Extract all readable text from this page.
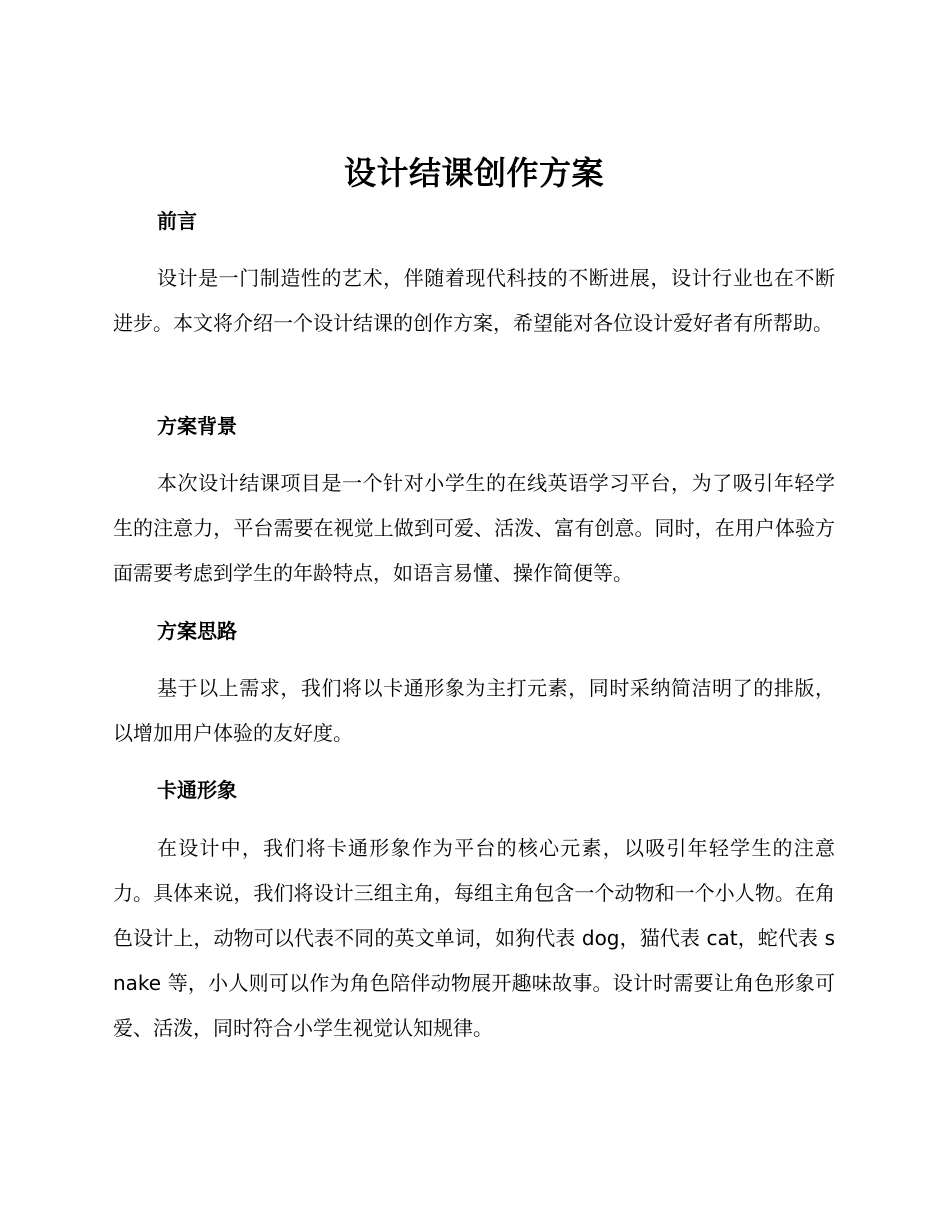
设计结课创作方案
前言

设计是一门制造性的艺术，伴随着现代科技的不断进展，设计行业也在不断进步。本文将介绍一个设计结课的创作方案，希望能对各位设计爱好者有所帮助。

方案背景

本次设计结课项目是一个针对小学生的在线英语学习平台，为了吸引年轻学生的注意力，平台需要在视觉上做到可爱、活泼、富有创意。同时，在用户体验方面需要考虑到学生的年龄特点，如语言易懂、操作简便等。

方案思路

基于以上需求，我们将以卡通形象为主打元素，同时采纳简洁明了的排版，以增加用户体验的友好度。

卡通形象

在设计中，我们将卡通形象作为平台的核心元素，以吸引年轻学生的注意力。具体来说，我们将设计三组主角，每组主角包含一个动物和一个小人物。在角色设计上，动物可以代表不同的英文单词，如狗代表 dog，猫代表 cat，蛇代表 snake 等，小人则可以作为角色陪伴动物展开趣味故事。设计时需要让角色形象可爱、活泼，同时符合小学生视觉认知规律。
